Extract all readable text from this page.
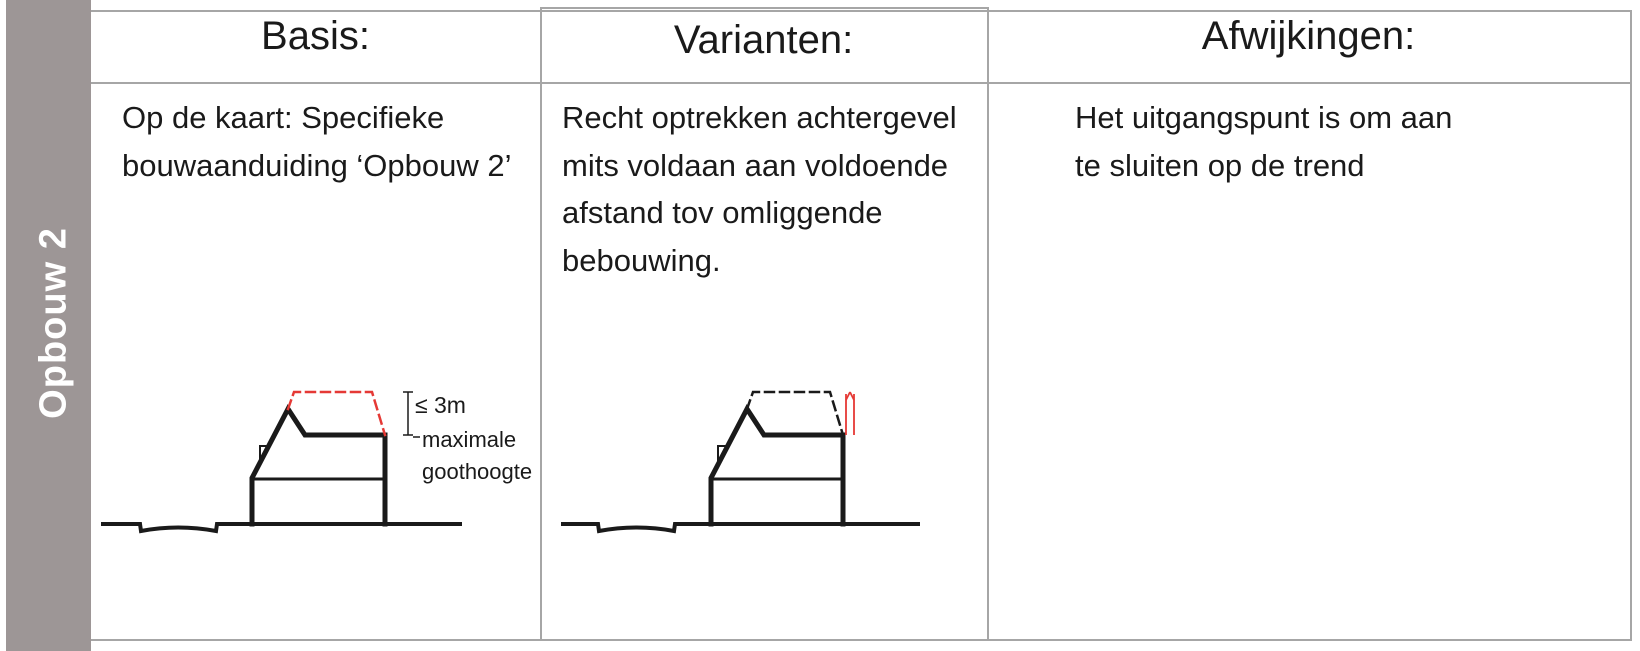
Opbouw 2
Basis:	Varianten:	Afwijkingen:
Op de kaart: Specifieke
bouwaanduiding ‘Opbouw 2’
Recht optrekken achtergevel
mits voldaan aan voldoende
afstand tov omliggende
bebouwing.
Het uitgangspunt is om aan
te sluiten op de trend
≤ 3m
maximale
goothoogte
